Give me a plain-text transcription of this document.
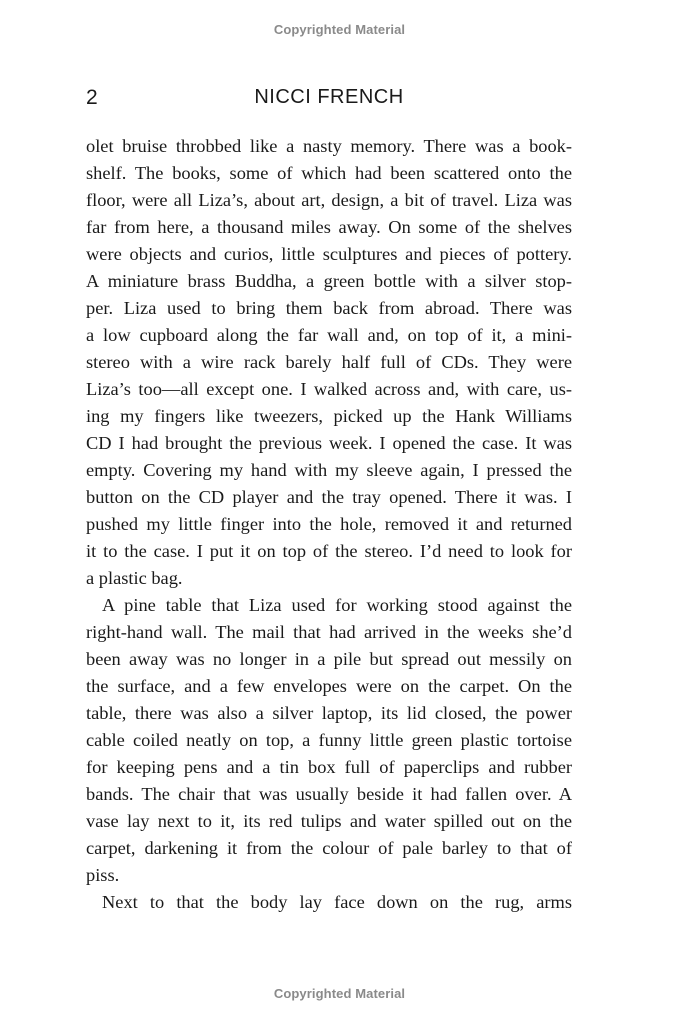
Copyrighted Material
2	NICCI FRENCH
olet bruise throbbed like a nasty memory. There was a book-
shelf. The books, some of which had been scattered onto the
floor, were all Liza’s, about art, design, a bit of travel. Liza was
far from here, a thousand miles away. On some of the shelves
were objects and curios, little sculptures and pieces of pottery.
A miniature brass Buddha, a green bottle with a silver stop-
per. Liza used to bring them back from abroad. There was
a low cupboard along the far wall and, on top of it, a mini-
stereo with a wire rack barely half full of CDs. They were
Liza’s too—all except one. I walked across and, with care, us-
ing my fingers like tweezers, picked up the Hank Williams
CD I had brought the previous week. I opened the case. It was
empty. Covering my hand with my sleeve again, I pressed the
button on the CD player and the tray opened. There it was. I
pushed my little finger into the hole, removed it and returned
it to the case. I put it on top of the stereo. I’d need to look for
a plastic bag.
A pine table that Liza used for working stood against the
right-hand wall. The mail that had arrived in the weeks she’d
been away was no longer in a pile but spread out messily on
the surface, and a few envelopes were on the carpet. On the
table, there was also a silver laptop, its lid closed, the power
cable coiled neatly on top, a funny little green plastic tortoise
for keeping pens and a tin box full of paperclips and rubber
bands. The chair that was usually beside it had fallen over. A
vase lay next to it, its red tulips and water spilled out on the
carpet, darkening it from the colour of pale barley to that of
piss.
Next to that the body lay face down on the rug, arms
Copyrighted Material
